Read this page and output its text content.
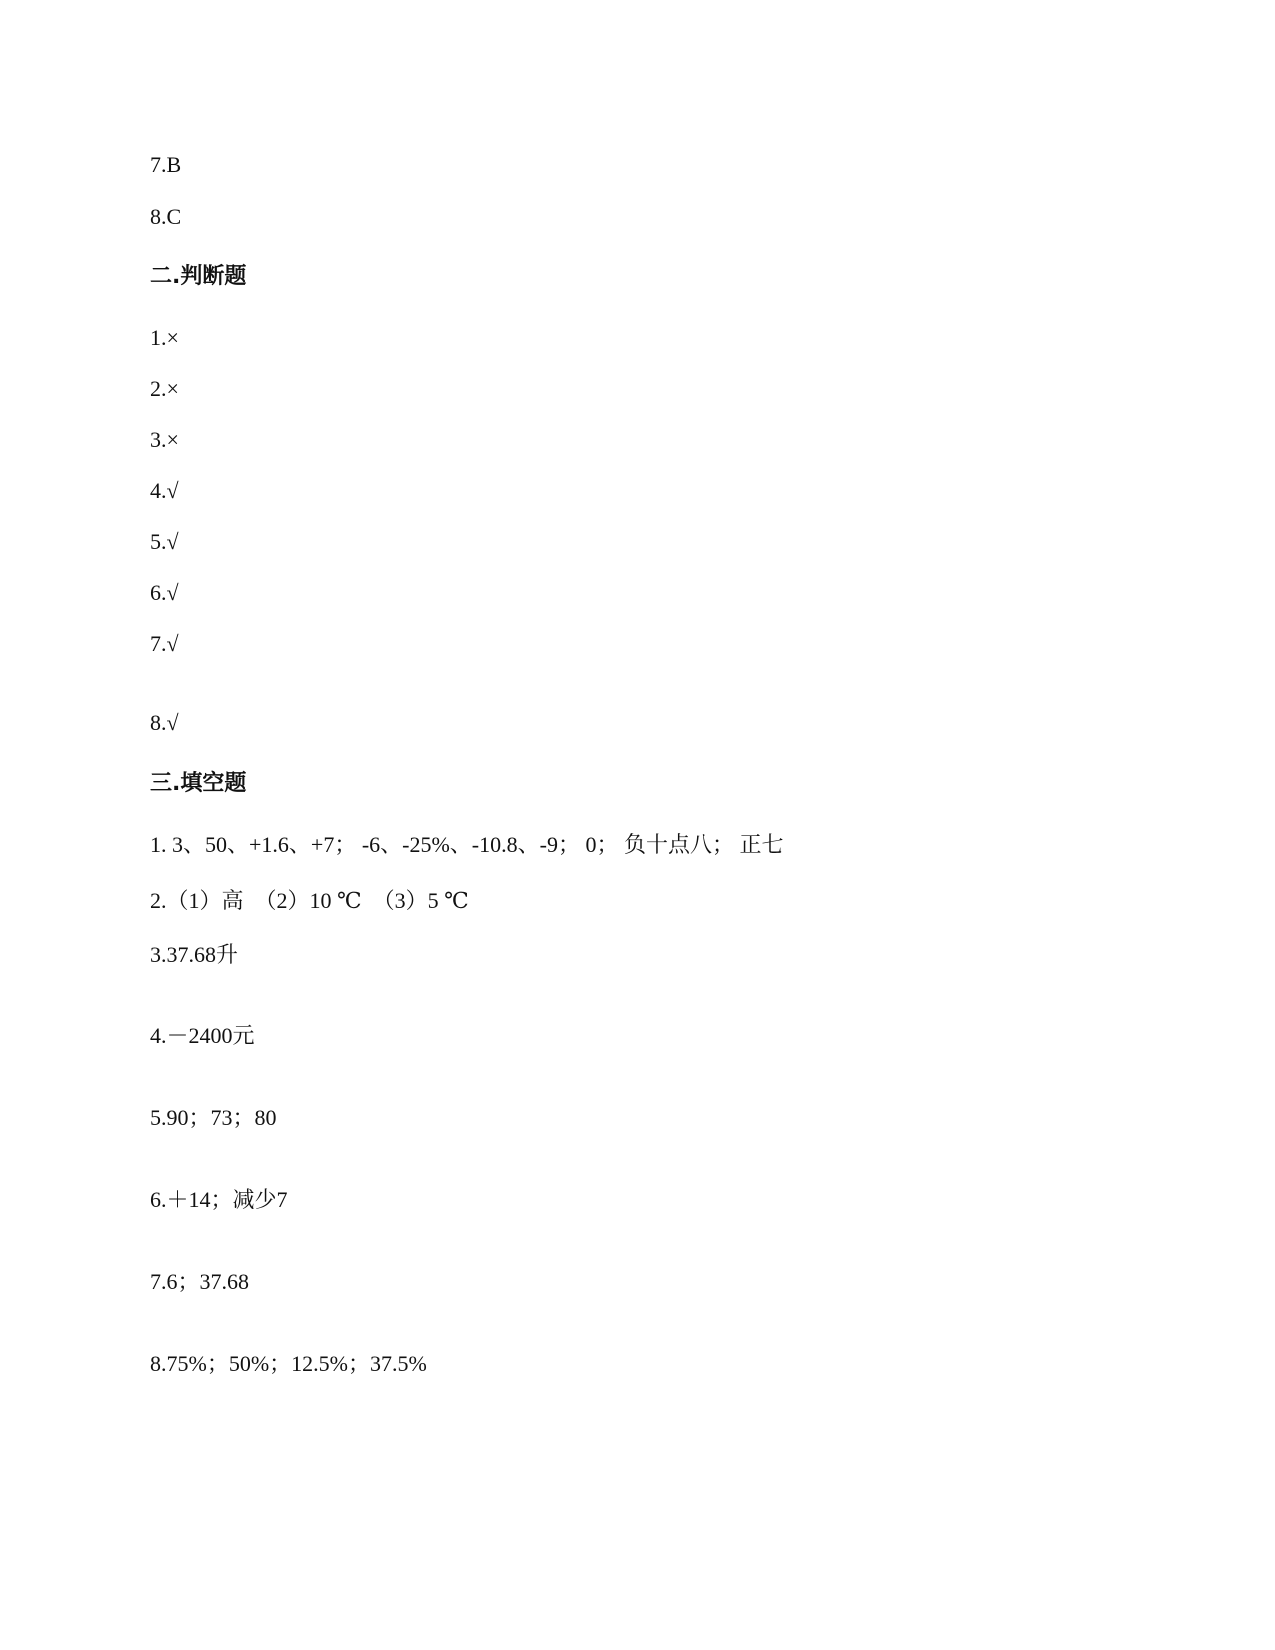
7.B
8.C
二.判断题
1.×
2.×
3.×
4.√
5.√
6.√
7.√
8.√
三.填空题
1. 3、50、+1.6、+7； -6、-25%、-10.8、-9； 0； 负十点八； 正七
2.（1）高　（2）10 ℃　（3）5 ℃
3.37.68升
4.－2400元
5.90；73；80
6.＋14；减少7
7.6；37.68
8.75%；50%；12.5%；37.5%
